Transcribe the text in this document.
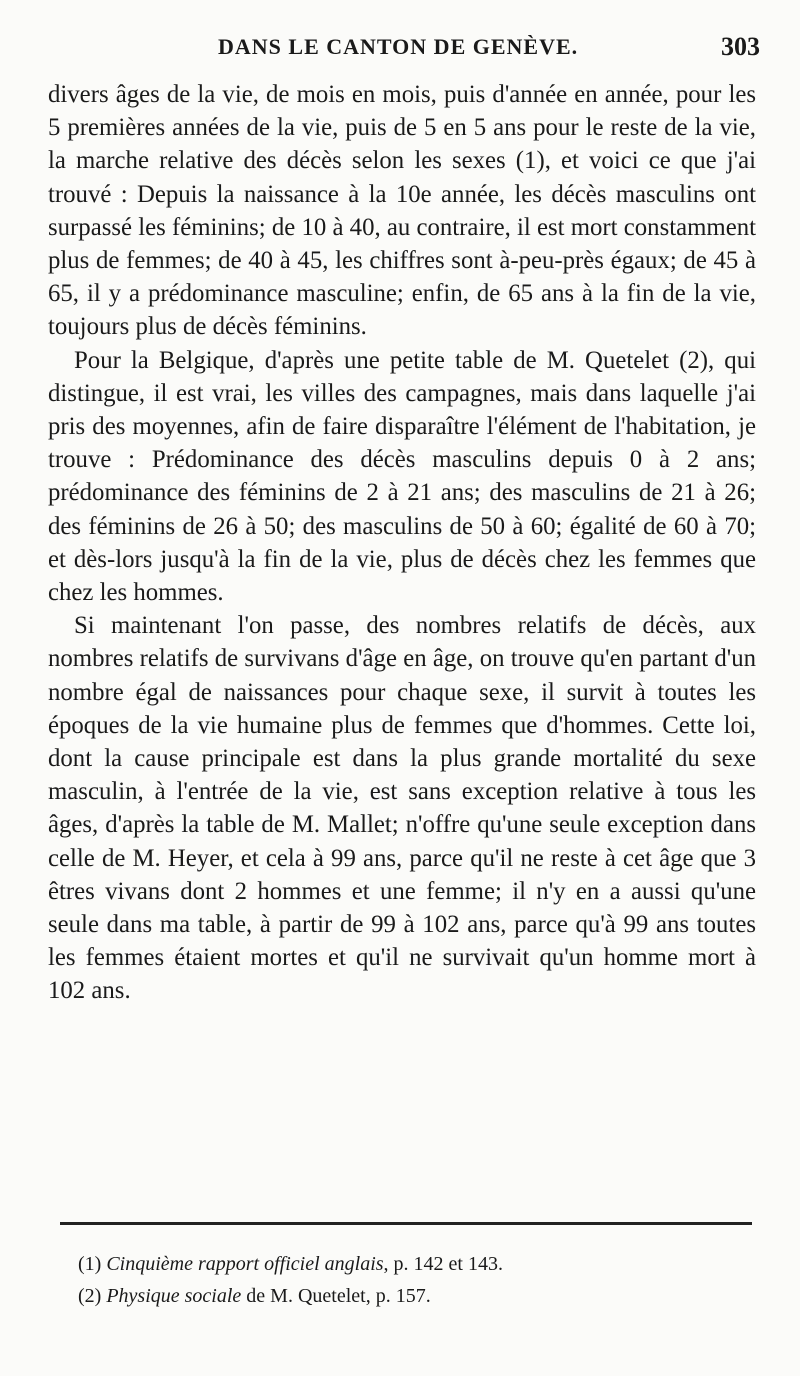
DANS LE CANTON DE GENÈVE.	303

divers âges de la vie, de mois en mois, puis d'année en année, pour les 5 premières années de la vie, puis de 5 en 5 ans pour le reste de la vie, la marche relative des décès selon les sexes (1), et voici ce que j'ai trouvé : Depuis la naissance à la 10e année, les décès masculins ont surpassé les féminins; de 10 à 40, au contraire, il est mort constamment plus de femmes; de 40 à 45, les chiffres sont à-peu-près égaux; de 45 à 65, il y a prédominance masculine; enfin, de 65 ans à la fin de la vie, toujours plus de décès féminins.

Pour la Belgique, d'après une petite table de M. Quetelet (2), qui distingue, il est vrai, les villes des campagnes, mais dans laquelle j'ai pris des moyennes, afin de faire disparaître l'élément de l'habitation, je trouve : Prédominance des décès masculins depuis 0 à 2 ans; prédominance des féminins de 2 à 21 ans; des masculins de 21 à 26; des féminins de 26 à 50; des masculins de 50 à 60; égalité de 60 à 70; et dès-lors jusqu'à la fin de la vie, plus de décès chez les femmes que chez les hommes.

Si maintenant l'on passe, des nombres relatifs de décès, aux nombres relatifs de survivans d'âge en âge, on trouve qu'en partant d'un nombre égal de naissances pour chaque sexe, il survit à toutes les époques de la vie humaine plus de femmes que d'hommes. Cette loi, dont la cause principale est dans la plus grande mortalité du sexe masculin, à l'entrée de la vie, est sans exception relative à tous les âges, d'après la table de M. Mallet; n'offre qu'une seule exception dans celle de M. Heyer, et cela à 99 ans, parce qu'il ne reste à cet âge que 3 êtres vivans dont 2 hommes et une femme; il n'y en a aussi qu'une seule dans ma table, à partir de 99 à 102 ans, parce qu'à 99 ans toutes les femmes étaient mortes et qu'il ne survivait qu'un homme mort à 102 ans.

(1) Cinquième rapport officiel anglais, p. 142 et 143.

(2) Physique sociale de M. Quetelet, p. 157.
